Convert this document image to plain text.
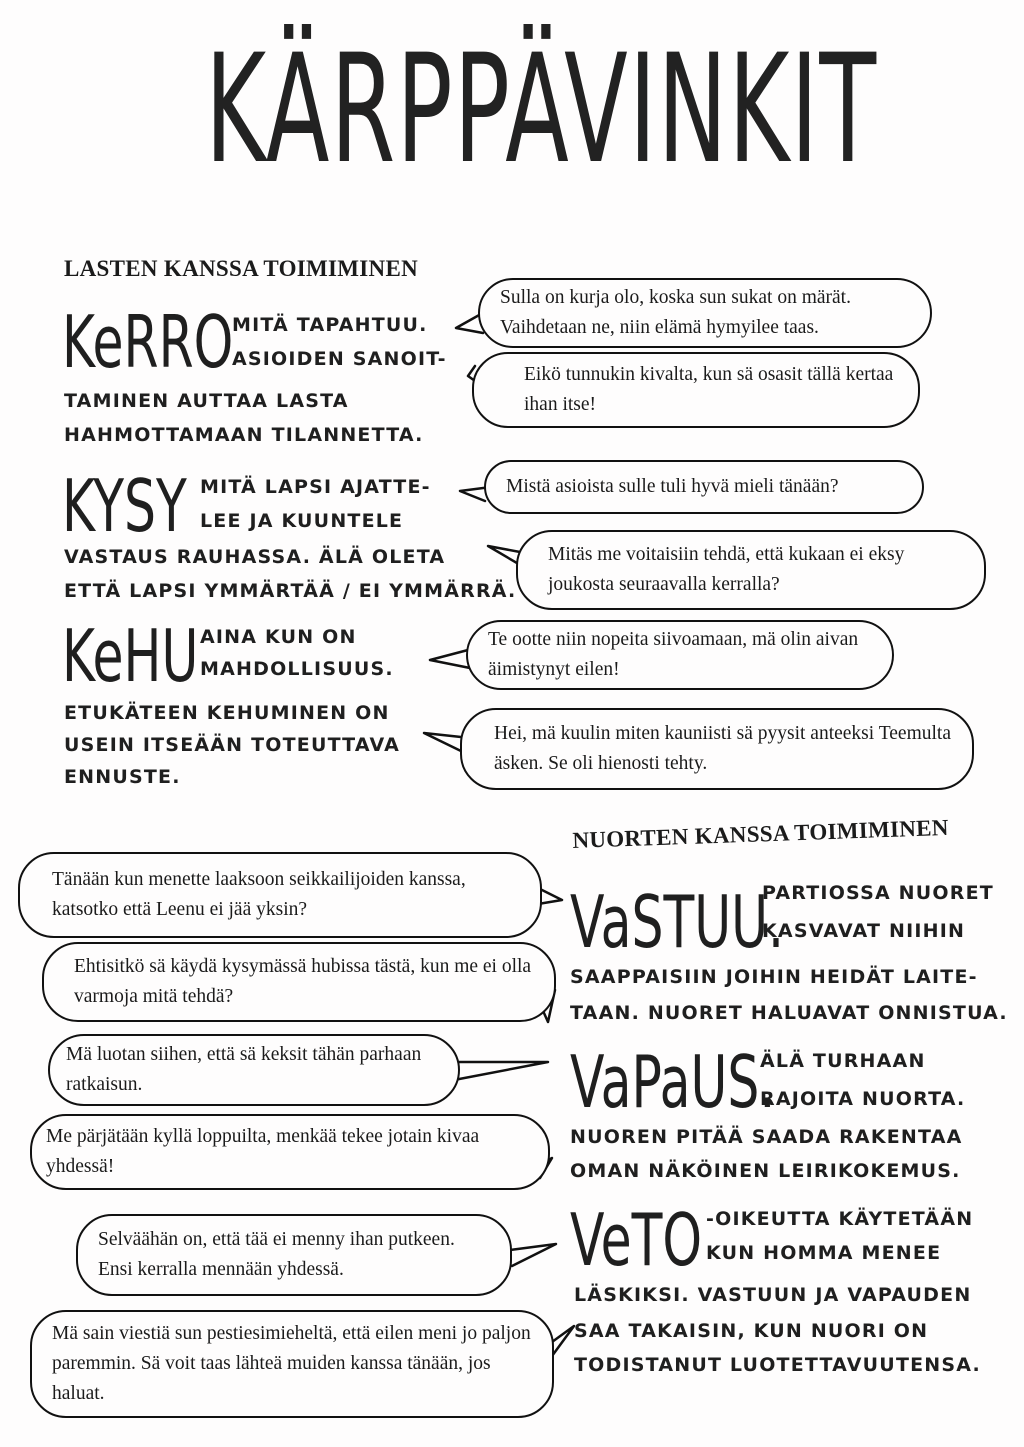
KÄRPPÄVINKIT
LASTEN KANSSA TOIMIMINEN
KeRRO
MITÄ TAPAHTUU.
ASIOIDEN SANOIT-
TAMINEN AUTTAA LASTA
HAHMOTTAMAAN TILANNETTA.
KYSY MITÄ LAPSI AJATTE-
LEE JA KUUNTELE
VASTAUS RAUHASSA. ÄLÄ OLETA
ETTÄ LAPSI YMMÄRTÄÄ / EI YMMÄRRÄ.
KeHU AINA KUN ON
MAHDOLLISUUS.
ETUKÄTEEN KEHUMINEN ON
USEIN ITSEÄÄN TOTEUTTAVA
ENNUSTE.
Sulla on kurja olo, koska sun sukat on märät. Vaihdetaan ne, niin elämä hymyilee taas.
Eikö tunnukin kivalta, kun sä osasit tällä kertaa ihan itse!
Mistä asioista sulle tuli hyvä mieli tänään?
Mitäs me voitaisiin tehdä, että kukaan ei eksy joukosta seuraavalla kerralla?
Te ootte niin nopeita siivoamaan, mä olin aivan äimistynyt eilen!
Hei, mä kuulin miten kauniisti sä pyysit anteeksi Teemulta äsken. Se oli hienosti tehty.
NUORTEN KANSSA TOIMIMINEN
VaSTUU.
PARTIOSSA NUORET
KASVAVAT NIIHIN
SAAPPAISIIN JOIHIN HEIDÄT LAITE-
TAAN. NUORET HALUAVAT ONNISTUA.
VaPaUS.
ÄLÄ TURHAAN
RAJOITA NUORTA.
NUOREN PITÄÄ SAADA RAKENTAA
OMAN NÄKÖINEN LEIRIKOKEMUS.
VeTO -OIKEUTTA KÄYTETÄÄN
KUN HOMMA MENEE
LÄSKIKSI. VASTUUN JA VAPAUDEN
SAA TAKAISIN, KUN NUORI ON
TODISTANUT LUOTETTAVUUTENSA.
Tänään kun menette laaksoon seikkailijoiden kanssa, katsotko että Leenu ei jää yksin?
Ehtisitkö sä käydä kysymässä hubissa tästä, kun me ei olla varmoja mitä tehdä?
Mä luotan siihen, että sä keksit tähän parhaan ratkaisun.
Me pärjätään kyllä loppuilta, menkää tekee jotain kivaa yhdessä!
Selväähän on, että tää ei menny ihan putkeen. Ensi kerralla mennään yhdessä.
Mä sain viestiä sun pestiesimieheltä, että eilen meni jo paljon paremmin. Sä voit taas lähteä muiden kanssa tänään, jos haluat.
